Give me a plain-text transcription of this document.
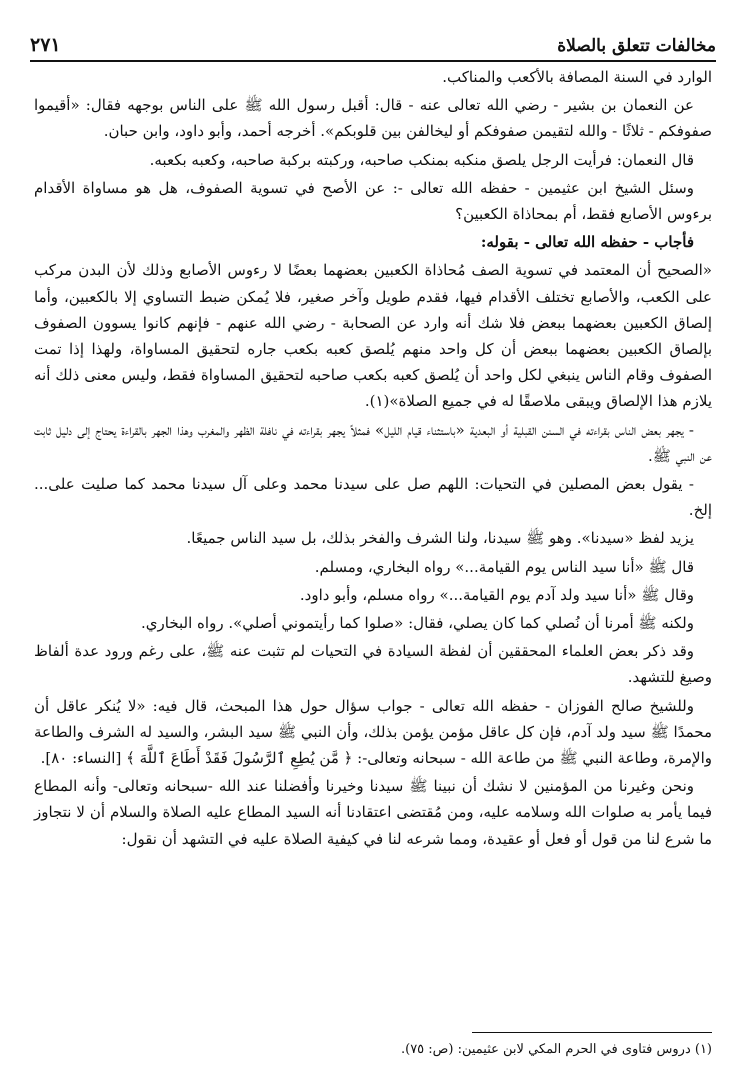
٢٧١	مخالفات تتعلق بالصلاة

الوارد في السنة المصافة بالأكعب والمناكب.

عن النعمان بن بشير - رضي الله تعالى عنه - قال: أقبل رسول الله ﷺ على الناس بوجهه فقال: «أقيموا صفوفكم - ثلاثًا - والله لتقيمن صفوفكم أو ليخالفن بين قلوبكم». أخرجه أحمد، وأبو داود، وابن حبان.

قال النعمان: فرأيت الرجل يلصق منكبه بمنكب صاحبه، وركبته بركبة صاحبه، وكعبه بكعبه.

وسئل الشيخ ابن عثيمين - حفظه الله تعالى -: عن الأصح في تسوية الصفوف، هل هو مساواة الأقدام برءوس الأصابع فقط، أم بمحاذاة الكعبين؟

فأجاب - حفظه الله تعالى - بقوله:

«الصحيح أن المعتمد في تسوية الصف مُحاذاة الكعبين بعضهما بعضًا لا رءوس الأصابع وذلك لأن البدن مركب على الكعب، والأصابع تختلف الأقدام فيها، فقدم طويل وآخر صغير، فلا يُمكن ضبط التساوي إلا بالكعبين، وأما إلصاق الكعبين بعضهما ببعض فلا شك أنه وارد عن الصحابة - رضي الله عنهم - فإنهم كانوا يسوون الصفوف بإلصاق الكعبين بعضهما ببعض أن كل واحد منهم يُلصق كعبه بكعب جاره لتحقيق المساواة، ولهذا إذا تمت الصفوف وقام الناس ينبغي لكل واحد أن يُلصق كعبه بكعب صاحبه لتحقيق المساواة فقط، وليس معنى ذلك أنه يلازم هذا الإلصاق ويبقى ملاصقًا له في جميع الصلاة»(١).

- يجهر بعض الناس بقراءته في السنن القبلية أو البعدية «باستثناء قيام الليل» فمثلاً يجهر بقراءته في نافلة الظهر والمغرب وهذا الجهر بالقراءة يحتاج إلى دليل ثابت عن النبي ﷺ.

- يقول بعض المصلين في التحيات: اللهم صل على سيدنا محمد وعلى آل سيدنا محمد كما صليت على... إلخ.

يزيد لفظ «سيدنا». وهو ﷺ سيدنا، ولنا الشرف والفخر بذلك، بل سيد الناس جميعًا.

قال ﷺ «أنا سيد الناس يوم القيامة...» رواه البخاري، ومسلم.

وقال ﷺ «أنا سيد ولد آدم يوم القيامة...» رواه مسلم، وأبو داود.

ولكنه ﷺ أمرنا أن نُصلي كما كان يصلي، فقال: «صلوا كما رأيتموني أصلي». رواه البخاري.

وقد ذكر بعض العلماء المحققين أن لفظة السيادة في التحيات لم تثبت عنه ﷺ، على رغم ورود عدة ألفاظ وصيغ للتشهد.

وللشيخ صالح الفوزان - حفظه الله تعالى - جواب سؤال حول هذا المبحث، قال فيه: «لا يُنكر عاقل أن محمدًا ﷺ سيد ولد آدم، فإن كل عاقل مؤمن يؤمن بذلك، وأن النبي ﷺ سيد البشر، والسيد له الشرف والطاعة والإمرة، وطاعة النبي ﷺ من طاعة الله - سبحانه وتعالى-: ﴿ مَّن يُطِعِ ٱلرَّسُولَ فَقَدْ أَطَاعَ ٱللَّهَ ﴾ [النساء: ٨٠].

ونحن وغيرنا من المؤمنين لا نشك أن نبينا ﷺ سيدنا وخيرنا وأفضلنا عند الله -سبحانه وتعالى- وأنه المطاع فيما يأمر به صلوات الله وسلامه عليه، ومن مُقتضى اعتقادنا أنه السيد المطاع عليه الصلاة والسلام أن لا نتجاوز ما شرع لنا من قول أو فعل أو عقيدة، ومما شرعه لنا في كيفية الصلاة عليه في التشهد أن نقول:

(١) دروس فتاوى في الحرم المكي لابن عثيمين: (ص: ٧٥).
